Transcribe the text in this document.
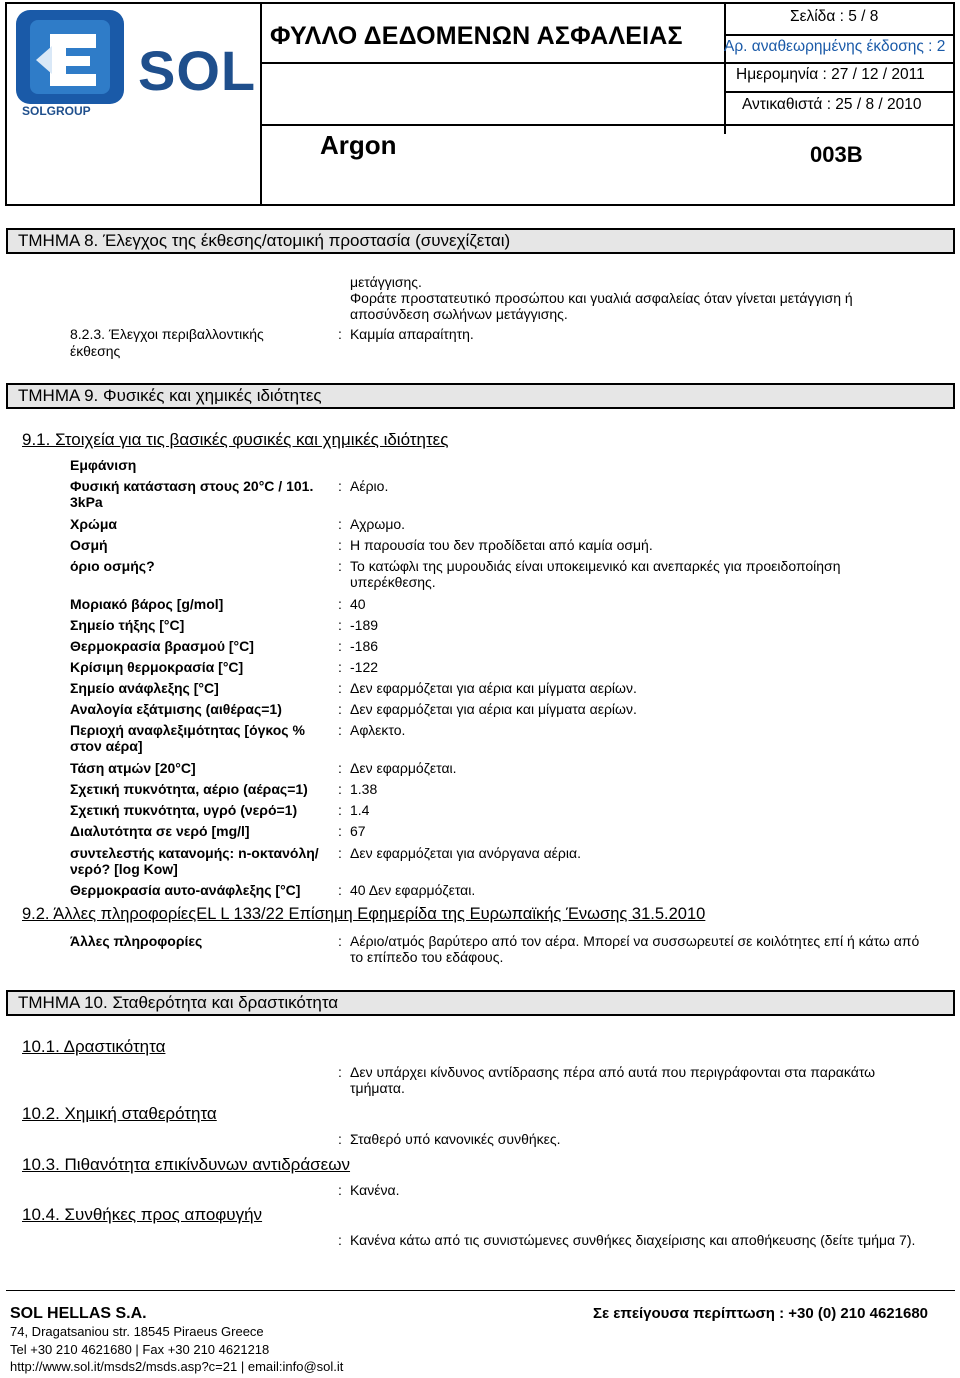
SOL
SOLGROUP
ΦΥΛΛΟ ΔΕΔΟΜΕΝΩΝ ΑΣΦΑΛΕΙΑΣ
Σελίδα : 5 / 8
Αρ. αναθεωρημένης έκδοσης : 2
Ημερομηνία : 27 / 12 / 2011
Αντικαθιστά : 25 / 8 / 2010
Argon	003B
ΤΜΗΜΑ 8. Έλεγχος της έκθεσης/ατομική προστασία (συνεχίζεται)
μετάγγισης.
Φοράτε προστατευτικό προσώπου και γυαλιά ασφαλείας όταν γίνεται μετάγγιση ή
αποσύνδεση σωλήνων μετάγγισης.
8.2.3. Έλεγχοι περιβαλλοντικής
έκθεσης
: Καμμία απαραίτητη.
ΤΜΗΜΑ 9. Φυσικές και χημικές ιδιότητες
9.1. Στοιχεία για τις βασικές φυσικές και χημικές ιδιότητες
Εμφάνιση
Φυσική κατάσταση στους 20°C / 101.
3kPa
: Αέριο.
Χρώμα	: Αχρωμο.
Οσμή	: Η παρουσία του δεν προδίδεται από καμία οσμή.
όριο οσμής?	: Το κατώφλι της μυρουδιάς είναι υποκειμενικό και ανεπαρκές για προειδοποίηση
υπερέκθεσης.
Μοριακό βάρος [g/mol]	: 40
Σημείο τήξης [°C]	: -189
Θερμοκρασία βρασμού [°C]	: -186
Κρίσιμη θερμοκρασία [°C]	: -122
Σημείο ανάφλεξης [°C]	: Δεν εφαρμόζεται για αέρια και μίγματα αερίων.
Αναλογία εξάτμισης (αιθέρας=1)	: Δεν εφαρμόζεται για αέρια και μίγματα αερίων.
Περιοχή αναφλεξιμότητας [όγκος %
στον αέρα]
: Αφλεκτο.
Τάση ατμών [20°C]	: Δεν εφαρμόζεται.
Σχετική πυκνότητα, αέριο (αέρας=1) : 1.38
Σχετική πυκνότητα, υγρό (νερό=1)	: 1.4
Διαλυτότητα σε νερό [mg/l]	: 67
συντελεστής κατανομής: n-οκτανόλη/
νερό? [log Kow]
: Δεν εφαρμόζεται για ανόργανα αέρια.
Θερμοκρασία αυτο-ανάφλεξης [°C]	: 40 Δεν εφαρμόζεται.
9.2. Άλλες πληροφορίεςEL L 133/22 Επίσημη Εφημερίδα της Ευρωπαϊκής Ένωσης 31.5.2010
Άλλες πληροφορίες	: Αέριο/ατμός βαρύτερο από τον αέρα. Μπορεί να συσσωρευτεί σε κοιλότητες επί ή κάτω από
το επίπεδο του εδάφους.
ΤΜΗΜΑ 10. Σταθερότητα και δραστικότητα
10.1. Δραστικότητα
: Δεν υπάρχει κίνδυνος αντίδρασης πέρα από αυτά που περιγράφονται στα παρακάτω
τμήματα.
10.2. Χημική σταθερότητα
: Σταθερό υπό κανονικές συνθήκες.
10.3. Πιθανότητα επικίνδυνων αντιδράσεων
: Κανένα.
10.4. Συνθήκες προς αποφυγήν
: Κανένα κάτω από τις συνιστώμενες συνθήκες διαχείρισης και αποθήκευσης (δείτε τμήμα 7).
SOL HELLAS S.A.	Σε επείγουσα περίπτωση : +30 (0) 210 4621680
74, Dragatsaniou str. 18545 Piraeus Greece
Tel +30 210 4621680 | Fax +30 210 4621218
http://www.sol.it/msds2/msds.asp?c=21 | email:info@sol.it
